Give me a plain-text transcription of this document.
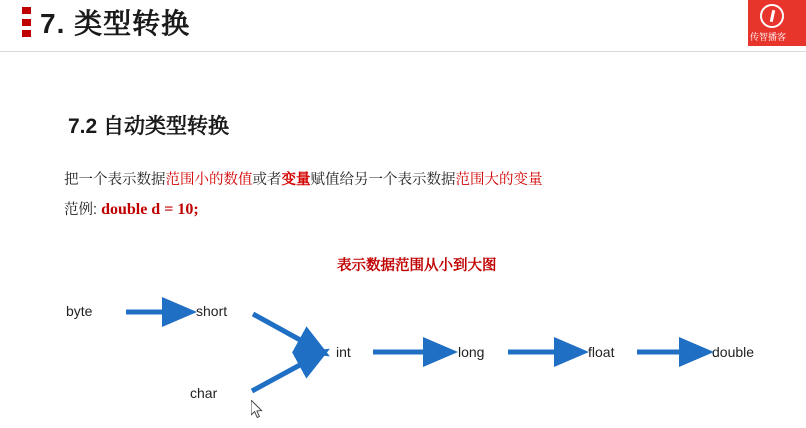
7. 类型转换	传智播客
7.2 自动类型转换
把一个表示数据范围小的数值或者变量赋值给另一个表示数据范围大的变量
范例: double d = 10;
表示数据范围从小到大图
byte	short
char
int	long	float	double
